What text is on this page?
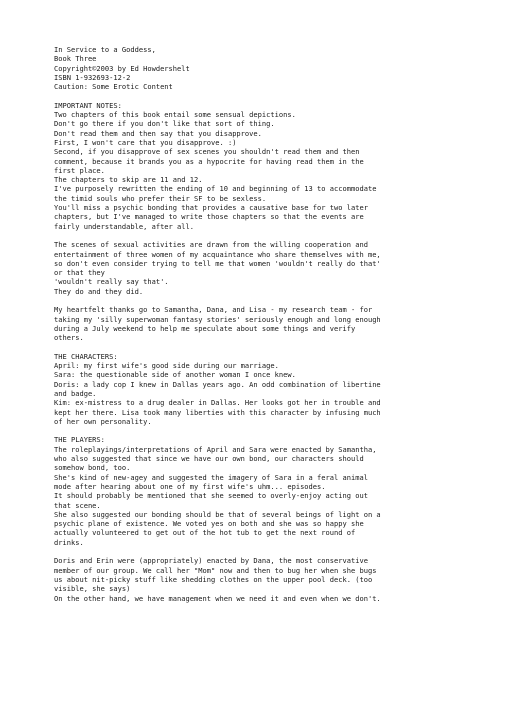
In Service to a Goddess,
Book Three
Copyright©2003 by Ed Howdershelt
ISBN 1-932693-12-2
Caution: Some Erotic Content
IMPORTANT NOTES:
Two chapters of this book entail some sensual depictions.
Don't go there if you don't like that sort of thing.
Don't read them and then say that you disapprove.
First, I won't care that you disapprove. :)
Second, if you disapprove of sex scenes you shouldn't read them and then
comment, because it brands you as a hypocrite for having read them in the
first place.
The chapters to skip are 11 and 12.
I've purposely rewritten the ending of 10 and beginning of 13 to accommodate
the timid souls who prefer their SF to be sexless.
You'll miss a psychic bonding that provides a causative base for two later
chapters, but I've managed to write those chapters so that the events are
fairly understandable, after all.
The scenes of sexual activities are drawn from the willing cooperation and
entertainment of three women of my acquaintance who share themselves with me,
so don't even consider trying to tell me that women 'wouldn't really do that'
or that they
'wouldn't really say that'.
They do and they did.
My heartfelt thanks go to Samantha, Dana, and Lisa - my research team - for
taking my 'silly superwoman fantasy stories' seriously enough and long enough
during a July weekend to help me speculate about some things and verify
others.
THE CHARACTERS:
April: my first wife's good side during our marriage.
Sara: the questionable side of another woman I once knew.
Doris: a lady cop I knew in Dallas years ago. An odd combination of libertine
and badge.
Kim: ex-mistress to a drug dealer in Dallas. Her looks got her in trouble and
kept her there. Lisa took many liberties with this character by infusing much
of her own personality.
THE PLAYERS:
The roleplayings/interpretations of April and Sara were enacted by Samantha,
who also suggested that since we have our own bond, our characters should
somehow bond, too.
She's kind of new-agey and suggested the imagery of Sara in a feral animal
mode after hearing about one of my first wife's uhm... episodes.
It should probably be mentioned that she seemed to overly-enjoy acting out
that scene.
She also suggested our bonding should be that of several beings of light on a
psychic plane of existence. We voted yes on both and she was so happy she
actually volunteered to get out of the hot tub to get the next round of
drinks.
Doris and Erin were (appropriately) enacted by Dana, the most conservative
member of our group. We call her "Mom" now and then to bug her when she bugs
us about nit-picky stuff like shedding clothes on the upper pool deck. (too
visible, she says)
On the other hand, we have management when we need it and even when we don't.
